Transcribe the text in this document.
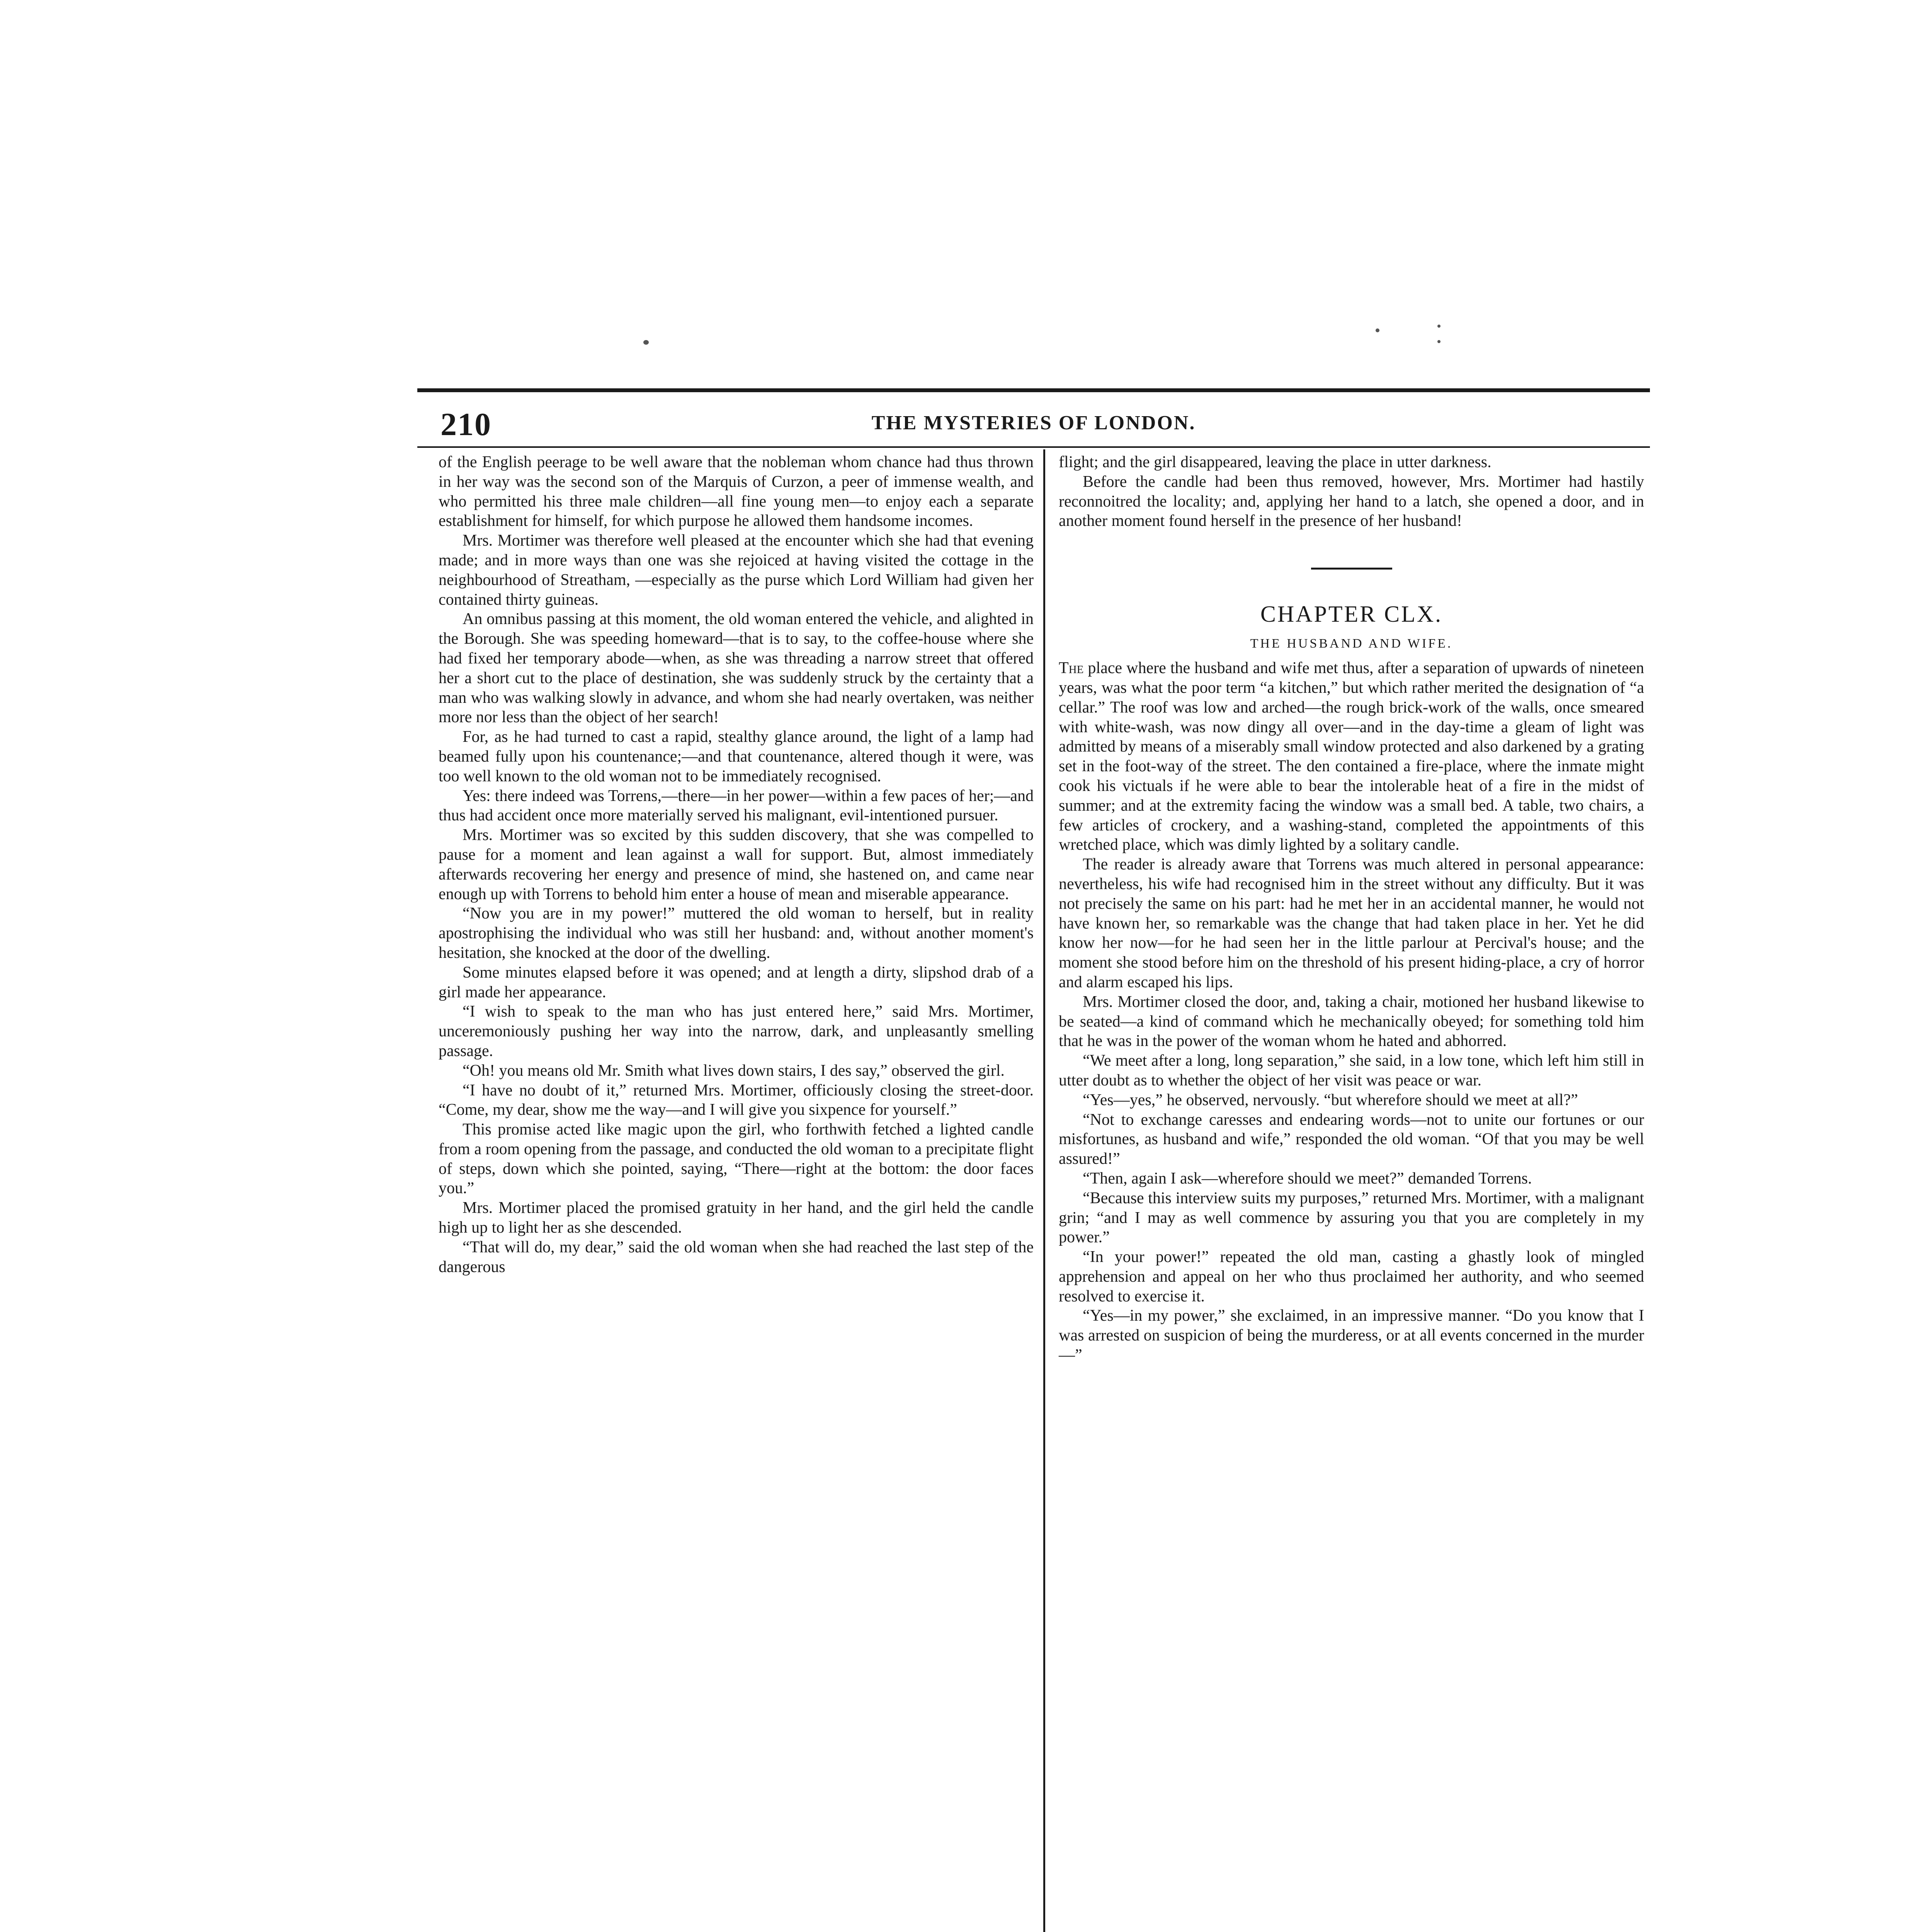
210	THE MYSTERIES OF LONDON.

of the English peerage to be well aware that the nobleman whom chance had thus thrown in her way was the second son of the Marquis of Curzon, a peer of immense wealth, and who permitted his three male children—all fine young men—to enjoy each a separate establishment for himself, for which purpose he allowed them handsome incomes.

Mrs. Mortimer was therefore well pleased at the encounter which she had that evening made; and in more ways than one was she rejoiced at having visited the cottage in the neighbourhood of Streatham, —especially as the purse which Lord William had given her contained thirty guineas.

An omnibus passing at this moment, the old woman entered the vehicle, and alighted in the Borough. She was speeding homeward—that is to say, to the coffee-house where she had fixed her temporary abode—when, as she was threading a narrow street that offered her a short cut to the place of destination, she was suddenly struck by the certainty that a man who was walking slowly in advance, and whom she had nearly overtaken, was neither more nor less than the object of her search!

For, as he had turned to cast a rapid, stealthy glance around, the light of a lamp had beamed fully upon his countenance;—and that countenance, altered though it were, was too well known to the old woman not to be immediately recognised.

Yes: there indeed was Torrens,—there—in her power—within a few paces of her;—and thus had accident once more materially served his malignant, evil-intentioned pursuer.

Mrs. Mortimer was so excited by this sudden discovery, that she was compelled to pause for a moment and lean against a wall for support. But, almost immediately afterwards recovering her energy and presence of mind, she hastened on, and came near enough up with Torrens to behold him enter a house of mean and miserable appearance.

“Now you are in my power!” muttered the old woman to herself, but in reality apostrophising the individual who was still her husband: and, without another moment's hesitation, she knocked at the door of the dwelling.

Some minutes elapsed before it was opened; and at length a dirty, slipshod drab of a girl made her appearance.

“I wish to speak to the man who has just entered here,” said Mrs. Mortimer, unceremoniously pushing her way into the narrow, dark, and unpleasantly smelling passage.

“Oh! you means old Mr. Smith what lives down stairs, I des say,” observed the girl.

“I have no doubt of it,” returned Mrs. Mortimer, officiously closing the street-door. “Come, my dear, show me the way—and I will give you sixpence for yourself.”

This promise acted like magic upon the girl, who forthwith fetched a lighted candle from a room opening from the passage, and conducted the old woman to a precipitate flight of steps, down which she pointed, saying, “There—right at the bottom: the door faces you.”

Mrs. Mortimer placed the promised gratuity in her hand, and the girl held the candle high up to light her as she descended.

“That will do, my dear,” said the old woman when she had reached the last step of the dangerous

flight; and the girl disappeared, leaving the place in utter darkness.

Before the candle had been thus removed, however, Mrs. Mortimer had hastily reconnoitred the locality; and, applying her hand to a latch, she opened a door, and in another moment found herself in the presence of her husband!

CHAPTER CLX.
THE HUSBAND AND WIFE.

The place where the husband and wife met thus, after a separation of upwards of nineteen years, was what the poor term “a kitchen,” but which rather merited the designation of “a cellar.” The roof was low and arched—the rough brick-work of the walls, once smeared with white-wash, was now dingy all over—and in the day-time a gleam of light was admitted by means of a miserably small window protected and also darkened by a grating set in the foot-way of the street. The den contained a fire-place, where the inmate might cook his victuals if he were able to bear the intolerable heat of a fire in the midst of summer; and at the extremity facing the window was a small bed. A table, two chairs, a few articles of crockery, and a washing-stand, completed the appointments of this wretched place, which was dimly lighted by a solitary candle.

The reader is already aware that Torrens was much altered in personal appearance: nevertheless, his wife had recognised him in the street without any difficulty. But it was not precisely the same on his part: had he met her in an accidental manner, he would not have known her, so remarkable was the change that had taken place in her. Yet he did know her now—for he had seen her in the little parlour at Percival's house; and the moment she stood before him on the threshold of his present hiding-place, a cry of horror and alarm escaped his lips.

Mrs. Mortimer closed the door, and, taking a chair, motioned her husband likewise to be seated—a kind of command which he mechanically obeyed; for something told him that he was in the power of the woman whom he hated and abhorred.

“We meet after a long, long separation,” she said, in a low tone, which left him still in utter doubt as to whether the object of her visit was peace or war.

“Yes—yes,” he observed, nervously. “but wherefore should we meet at all?”

“Not to exchange caresses and endearing words—not to unite our fortunes or our misfortunes, as husband and wife,” responded the old woman. “Of that you may be well assured!”

“Then, again I ask—wherefore should we meet?” demanded Torrens.

“Because this interview suits my purposes,” returned Mrs. Mortimer, with a malignant grin; “and I may as well commence by assuring you that you are completely in my power.”

“In your power!” repeated the old man, casting a ghastly look of mingled apprehension and appeal on her who thus proclaimed her authority, and who seemed resolved to exercise it.

“Yes—in my power,” she exclaimed, in an impressive manner. “Do you know that I was arrested on suspicion of being the murderess, or at all events concerned in the murder—”
